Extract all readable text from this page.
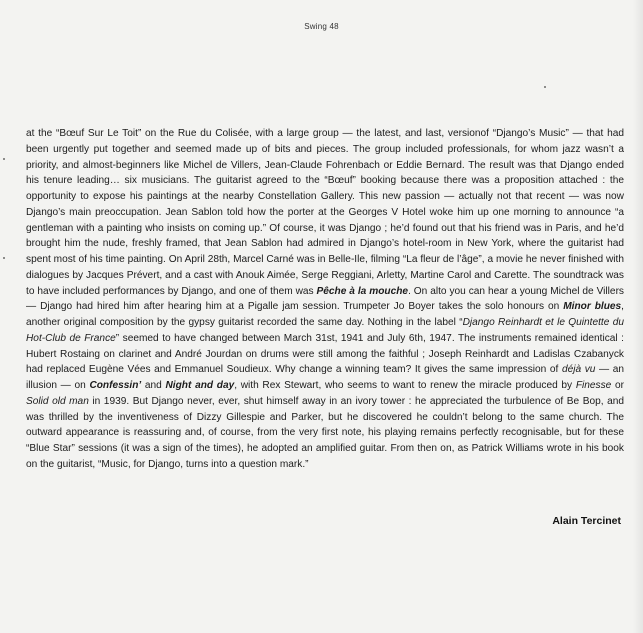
Swing 48

at the “Bœuf Sur Le Toit” on the Rue du Colisée, with a large group — the latest, and last, versionof “Django’s Music” — that had been urgently put together and seemed made up of bits and pieces. The group included professionals, for whom jazz wasn’t a priority, and almost-beginners like Michel de Villers, Jean-Claude Fohrenbach or Eddie Bernard. The result was that Django ended his tenure leading… six musicians. The guitarist agreed to the “Bœuf” booking because there was a proposition attached : the opportunity to expose his paintings at the nearby Constellation Gallery. This new passion — actually not that recent — was now Django’s main preoccupation. Jean Sablon told how the porter at the Georges V Hotel woke him up one morning to announce “a gentleman with a painting who insists on coming up.” Of course, it was Django ; he’d found out that his friend was in Paris, and he’d brought him the nude, freshly framed, that Jean Sablon had admired in Django’s hotel-room in New York, where the guitarist had spent most of his time painting. On April 28th, Marcel Carné was in Belle-Ile, filming “La fleur de l’âge”, a movie he never finished with dialogues by Jacques Prévert, and a cast with Anouk Aimée, Serge Reggiani, Arletty, Martine Carol and Carette. The soundtrack was to have included performances by Django, and one of them was Pêche à la mouche. On alto you can hear a young Michel de Villers — Django had hired him after hearing him at a Pigalle jam session. Trumpeter Jo Boyer takes the solo honours on Minor blues, another original composition by the gypsy guitarist recorded the same day. Nothing in the label “Django Reinhardt et le Quintette du Hot-Club de France” seemed to have changed between March 31st, 1941 and July 6th, 1947. The instruments remained identical : Hubert Rostaing on clarinet and André Jourdan on drums were still among the faithful ; Joseph Reinhardt and Ladislas Czabanyck had replaced Eugène Vées and Emmanuel Soudieux. Why change a winning team? It gives the same impression of déjà vu — an illusion — on Confessin’ and Night and day, with Rex Stewart, who seems to want to renew the miracle produced by Finesse or Solid old man in 1939. But Django never, ever, shut himself away in an ivory tower : he appreciated the turbulence of Be Bop, and was thrilled by the inventiveness of Dizzy Gillespie and Parker, but he discovered he couldn’t belong to the same church. The outward appearance is reassuring and, of course, from the very first note, his playing remains perfectly recognisable, but for these “Blue Star” sessions (it was a sign of the times), he adopted an amplified guitar. From then on, as Patrick Williams wrote in his book on the guitarist, “Music, for Django, turns into a question mark.”

Alain Tercinet
